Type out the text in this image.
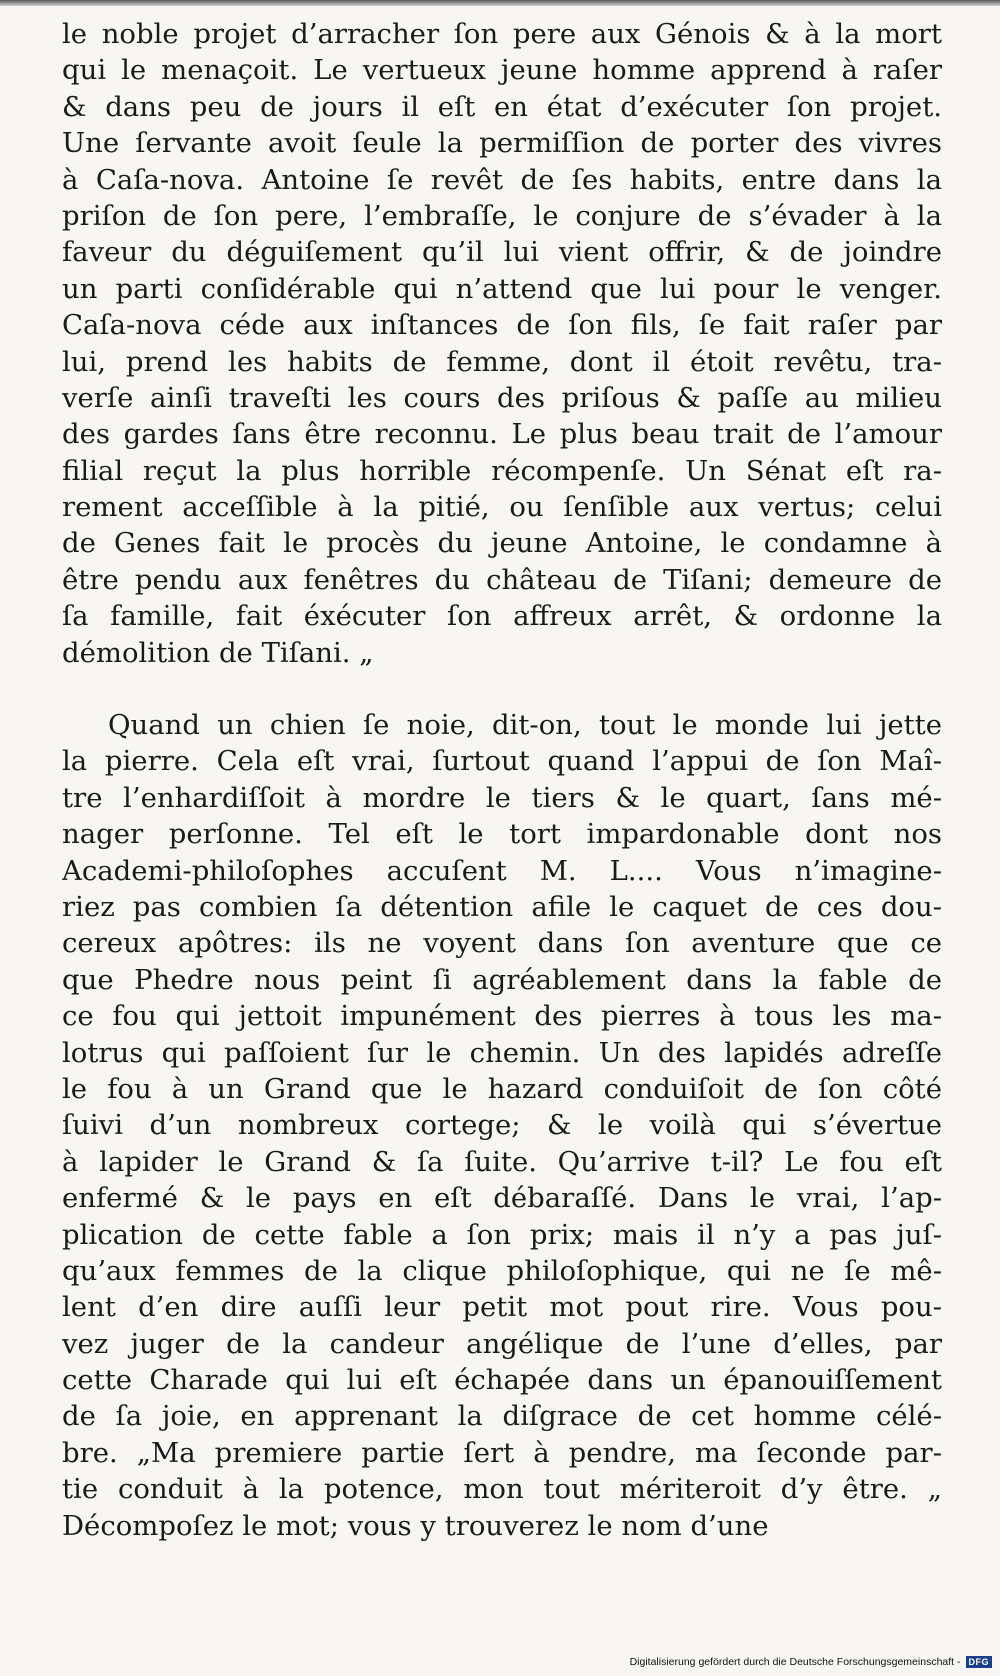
le noble projet d’arracher ſon pere aux Génois & à la mort
qui le menaçoit. Le vertueux jeune homme apprend à raſer
& dans peu de jours il eſt en état d’exécuter ſon projet.
Une ſervante avoit ſeule la permiſſion de porter des vivres
à Caſa-nova. Antoine ſe revêt de ſes habits, entre dans la
priſon de ſon pere, l’embraſſe, le conjure de s’évader à la
faveur du déguiſement qu’il lui vient offrir, & de joindre
un parti conſidérable qui n’attend que lui pour le venger.
Caſa-nova céde aux inſtances de ſon fils, ſe fait raſer par
lui, prend les habits de femme, dont il étoit revêtu, tra-
verſe ainſi traveſti les cours des priſous & paſſe au milieu
des gardes ſans être reconnu. Le plus beau trait de l’amour
filial reçut la plus horrible récompenſe. Un Sénat eſt ra-
rement acceſſible à la pitié, ou ſenſible aux vertus; celui
de Genes fait le procès du jeune Antoine, le condamne à
être pendu aux fenêtres du château de Tiſani; demeure de
ſa famille, fait éxécuter ſon affreux arrêt, & ordonne la
démolition de Tiſani. „
Quand un chien ſe noie, dit-on, tout le monde lui jette
la pierre. Cela eſt vrai, ſurtout quand l’appui de ſon Maî-
tre l’enhardiſſoit à mordre le tiers & le quart, ſans mé-
nager perſonne. Tel eſt le tort impardonable dont nos
Academi-philoſophes accuſent M. L.... Vous n’imagine-
riez pas combien ſa détention afile le caquet de ces dou-
cereux apôtres: ils ne voyent dans ſon aventure que ce
que Phedre nous peint ſi agréablement dans la fable de
ce fou qui jettoit impunément des pierres à tous les ma-
lotrus qui paſſoient ſur le chemin. Un des lapidés adreſſe
le fou à un Grand que le hazard conduiſoit de ſon côté
ſuivi d’un nombreux cortege; & le voilà qui s’évertue
à lapider le Grand & ſa ſuite. Qu’arrive t-il? Le fou eſt
enfermé & le pays en eſt débaraſſé. Dans le vrai, l’ap-
plication de cette fable a ſon prix; mais il n’y a pas juſ-
qu’aux femmes de la clique philoſophique, qui ne ſe mê-
lent d’en dire auſſi leur petit mot pout rire. Vous pou-
vez juger de la candeur angélique de l’une d’elles, par
cette Charade qui lui eſt échapée dans un épanouiſſement
de ſa joie, en apprenant la diſgrace de cet homme célé-
bre. „Ma premiere partie ſert à pendre, ma ſeconde par-
tie conduit à la potence, mon tout mériteroit d’y être. „
Décompoſez le mot; vous y trouverez le nom d’une
Digitalisierung gefördert durch die Deutsche Forschungsgemeinschaft - DFG
